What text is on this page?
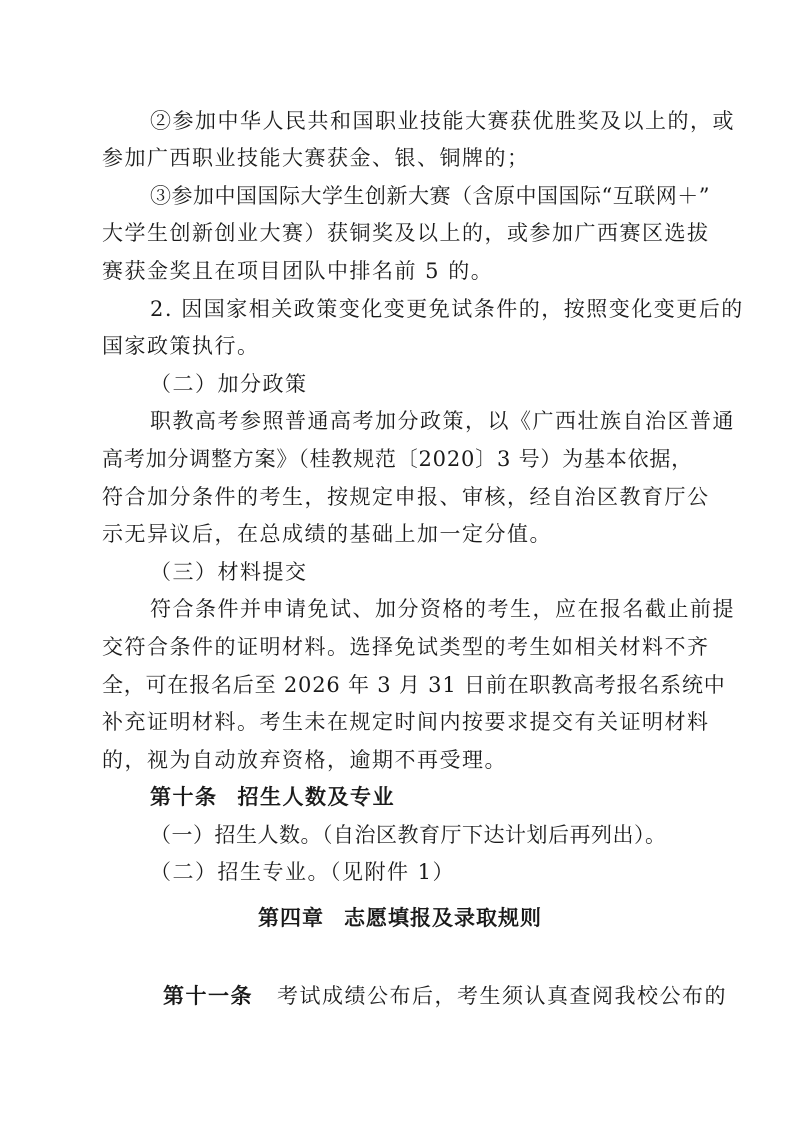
②参加中华人民共和国职业技能大赛获优胜奖及以上的，或
参加广西职业技能大赛获金、银、铜牌的；
③参加中国国际大学生创新大赛（含原中国国际“互联网＋”
大学生创新创业大赛）获铜奖及以上的，或参加广西赛区选拔
赛获金奖且在项目团队中排名前 5 的。
2. 因国家相关政策变化变更免试条件的，按照变化变更后的
国家政策执行。
（二）加分政策
职教高考参照普通高考加分政策，以《广西壮族自治区普通
高考加分调整方案》（桂教规范〔2020〕3 号）为基本依据，
符合加分条件的考生，按规定申报、审核，经自治区教育厅公
示无异议后，在总成绩的基础上加一定分值。
（三）材料提交
符合条件并申请免试、加分资格的考生，应在报名截止前提
交符合条件的证明材料。选择免试类型的考生如相关材料不齐
全，可在报名后至 2026 年 3 月 31 日前在职教高考报名系统中
补充证明材料。考生未在规定时间内按要求提交有关证明材料
的，视为自动放弃资格，逾期不再受理。
第十条 招生人数及专业
（一）招生人数。（自治区教育厅下达计划后再列出）。
（二）招生专业。（见附件 1）
第四章 志愿填报及录取规则
第十一条 考试成绩公布后，考生须认真查阅我校公布的
